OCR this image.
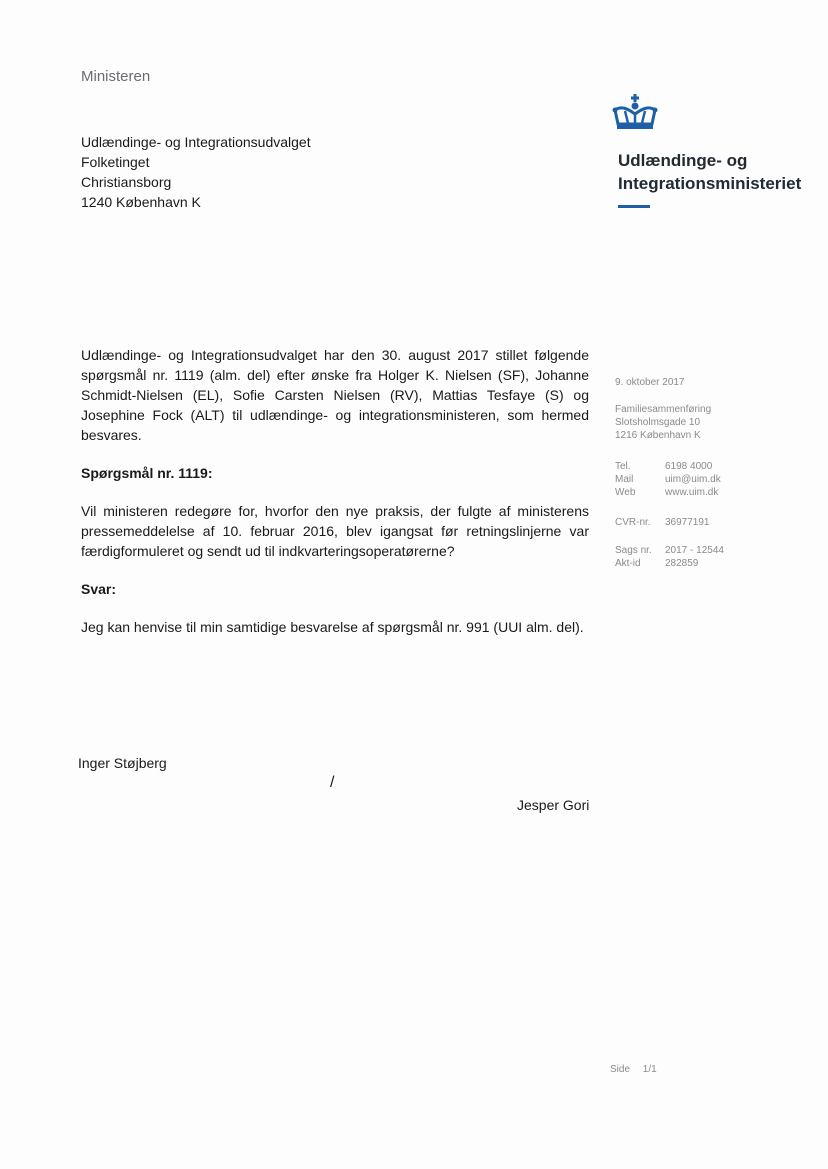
Ministeren
Udlændinge- og Integrationsudvalget
Folketinget
Christiansborg
1240 København K
Udlændinge- og
Integrationsministeriet

Udlændinge- og Integrationsudvalget har den 30. august 2017 stillet følgende spørgsmål nr. 1119 (alm. del) efter ønske fra Holger K. Nielsen (SF), Johanne Schmidt-Nielsen (EL), Sofie Carsten Nielsen (RV), Mattias Tesfaye (S) og Josephine Fock (ALT) til udlændinge- og integrationsministeren, som hermed besvares.

Spørgsmål nr. 1119:

Vil ministeren redegøre for, hvorfor den nye praksis, der fulgte af ministerens pressemeddelelse af 10. februar 2016, blev igangsat før retningslinjerne var færdigformuleret og sendt ud til indkvarteringsoperatørerne?

Svar:

Jeg kan henvise til min samtidige besvarelse af spørgsmål nr. 991 (UUI alm. del).

9. oktober 2017
Familiesammenføring
Slotsholmsgade 10
1216 København K
Tel.	6198 4000
Mail	uim@uim.dk
Web	www.uim.dk
CVR-nr.	36977191
Sags nr.	2017 - 12544
Akt-id	282859
Inger Støjberg
/
Jesper Gori
Side 1/1
